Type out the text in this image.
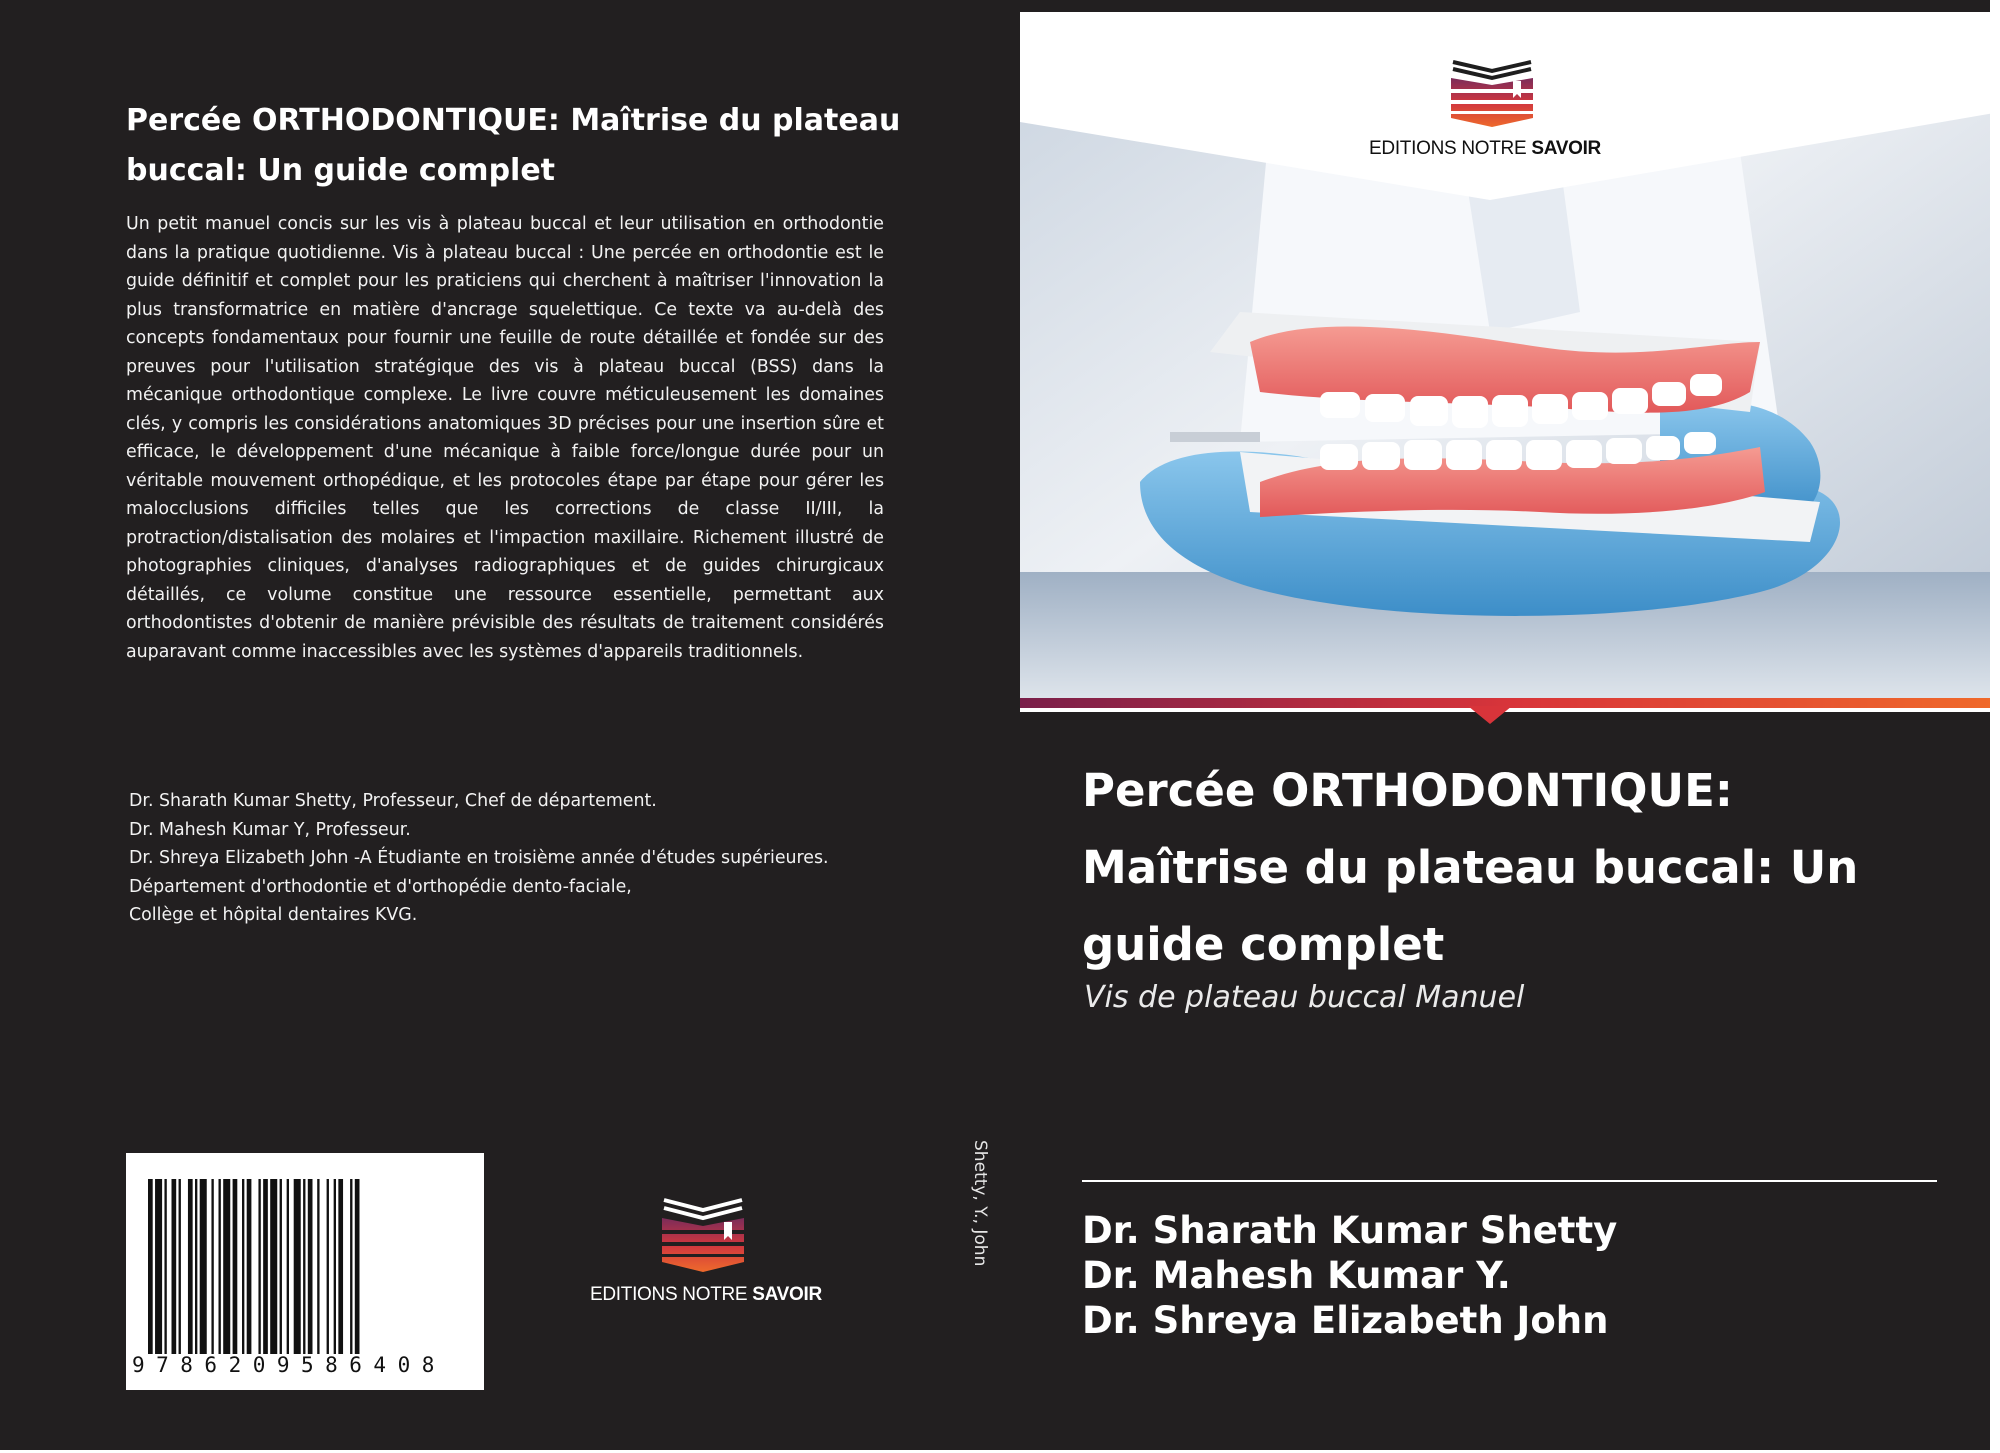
Percée ORTHODONTIQUE: Maîtrise du plateau buccal: Un guide complet
Un petit manuel concis sur les vis à plateau buccal et leur utilisation en orthodontie dans la pratique quotidienne. Vis à plateau buccal : Une percée en orthodontie est le guide définitif et complet pour les praticiens qui cherchent à maîtriser l'innovation la plus transformatrice en matière d'ancrage squelettique. Ce texte va au-delà des concepts fondamentaux pour fournir une feuille de route détaillée et fondée sur des preuves pour l'utilisation stratégique des vis à plateau buccal (BSS) dans la mécanique orthodontique complexe. Le livre couvre méticuleusement les domaines clés, y compris les considérations anatomiques 3D précises pour une insertion sûre et efficace, le développement d'une mécanique à faible force/longue durée pour un véritable mouvement orthopédique, et les protocoles étape par étape pour gérer les malocclusions difficiles telles que les corrections de classe II/III, la protraction/distalisation des molaires et l'impaction maxillaire. Richement illustré de photographies cliniques, d'analyses radiographiques et de guides chirurgicaux détaillés, ce volume constitue une ressource essentielle, permettant aux orthodontistes d'obtenir de manière prévisible des résultats de traitement considérés auparavant comme inaccessibles avec les systèmes d'appareils traditionnels.
Dr. Sharath Kumar Shetty, Professeur, Chef de département.
Dr. Mahesh Kumar Y, Professeur.
Dr. Shreya Elizabeth John -A Étudiante en troisième année d'études supérieures.
Département d'orthodontie et d'orthopédie dento-faciale,
Collège et hôpital dentaires KVG.
9786209586408
EDITIONS NOTRE SAVOIR
Shetty, Y., John
EDITIONS NOTRE SAVOIR
Percée ORTHODONTIQUE:
Maîtrise du plateau buccal: Un
guide complet
Vis de plateau buccal Manuel
Dr. Sharath Kumar Shetty
Dr. Mahesh Kumar Y.
Dr. Shreya Elizabeth John
